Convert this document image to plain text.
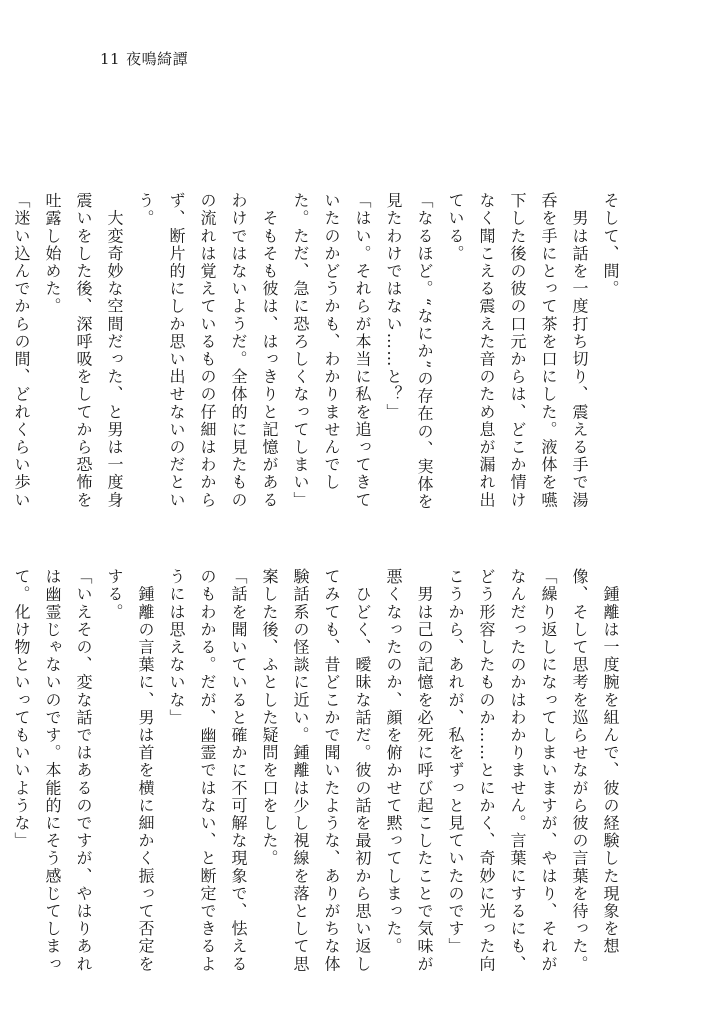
11 夜鳴綺譚

そして、間。

　男は話を一度打ち切り、震える手で湯呑を手にとって茶を口にした。液体を嚥下した後の彼の口元からは、どこか情けなく聞こえる震えた音のため息が漏れ出ている。

「なるほど。“なにか”の存在の、実体を見たわけではない……と？」

「はい。それらが本当に私を追ってきていたのかどうかも、わかりませんでした。ただ、急に恐ろしくなってしまい」

　そもそも彼は、はっきりと記憶があるわけではないようだ。全体的に見たものの流れは覚えているものの仔細はわからず、断片的にしか思い出せないのだという。

　大変奇妙な空間だった、と男は一度身震いをした後、深呼吸をしてから恐怖を吐露し始めた。

「迷い込んでからの間、どれくらい歩い

　鍾離は一度腕を組んで、彼の経験した現象を想像、そして思考を巡らせながら彼の言葉を待った。

「繰り返しになってしまいますが、やはり、それがなんだったのかはわかりません。言葉にするにも、どう形容したものか……とにかく、奇妙に光った向こうから、あれが、私をずっと見ていたのです」

　男は己の記憶を必死に呼び起こしたことで気味が悪くなったのか、顔を俯かせて黙ってしまった。

　ひどく、曖昧な話だ。彼の話を最初から思い返してみても、昔どこかで聞いたような、ありがちな体験話系の怪談に近い。鍾離は少し視線を落として思案した後、ふとした疑問を口をした。

「話を聞いていると確かに不可解な現象で、怯えるのもわかる。だが、幽霊ではない、と断定できるようには思えないな」

　鍾離の言葉に、男は首を横に細かく振って否定をする。

「いえその、変な話ではあるのですが、やはりあれは幽霊じゃないのです。本能的にそう感じてしまって。化け物といってもいいような」
